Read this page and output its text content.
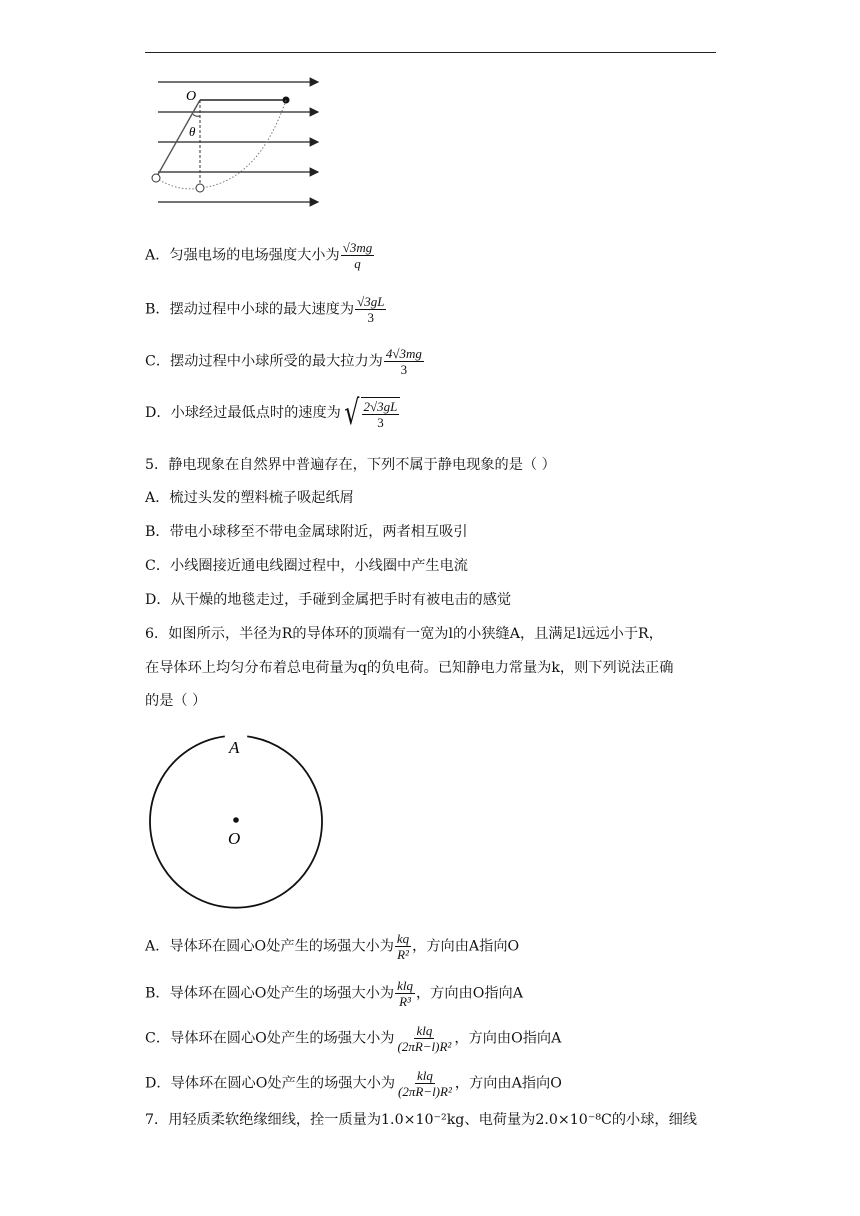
O
θ
A．匀强电场的电场强度大小为 $\frac{√3mg}{q}$
B．摆动过程中小球的最大速度为 $\frac{√3gL}{3}$
C．摆动过程中小球所受的最大拉力为 $\frac{4√3mg}{3}$
D．小球经过最低点时的速度为 √ $\frac{2√3gL}{3}$
5．静电现象在自然界中普遍存在，下列不属于静电现象的是（ ）
A．梳过头发的塑料梳子吸起纸屑
B．带电小球移至不带电金属球附近，两者相互吸引
C．小线圈接近通电线圈过程中，小线圈中产生电流
D．从干燥的地毯走过，手碰到金属把手时有被电击的感觉
6．如图所示，半径为R的导体环的顶端有一宽为l的小狭缝A，且满足l远远小于R，
在导体环上均匀分布着总电荷量为q的负电荷。已知静电力常量为k，则下列说法正确
的是（ ）
A
O
A．导体环在圆心O处产生的场强大小为 $\frac{kq}{\text{R²}}$ ，方向由A指向O
B．导体环在圆心O处产生的场强大小为 $\frac{\text{klq}}{\text{R³}}$ ，方向由O指向A
C．导体环在圆心O处产生的场强大小为 $\frac{\text{klq}}{\text{(2πR−l)R²}}$ ，方向由O指向A
D．导体环在圆心O处产生的场强大小为 $\frac{\text{klq}}{\text{(2πR−l)R²}}$ ，方向由A指向O
7．用轻质柔软绝缘细线，拴一质量为1.0×10⁻²kg、电荷量为2.0×10⁻⁸C的小球，细线
